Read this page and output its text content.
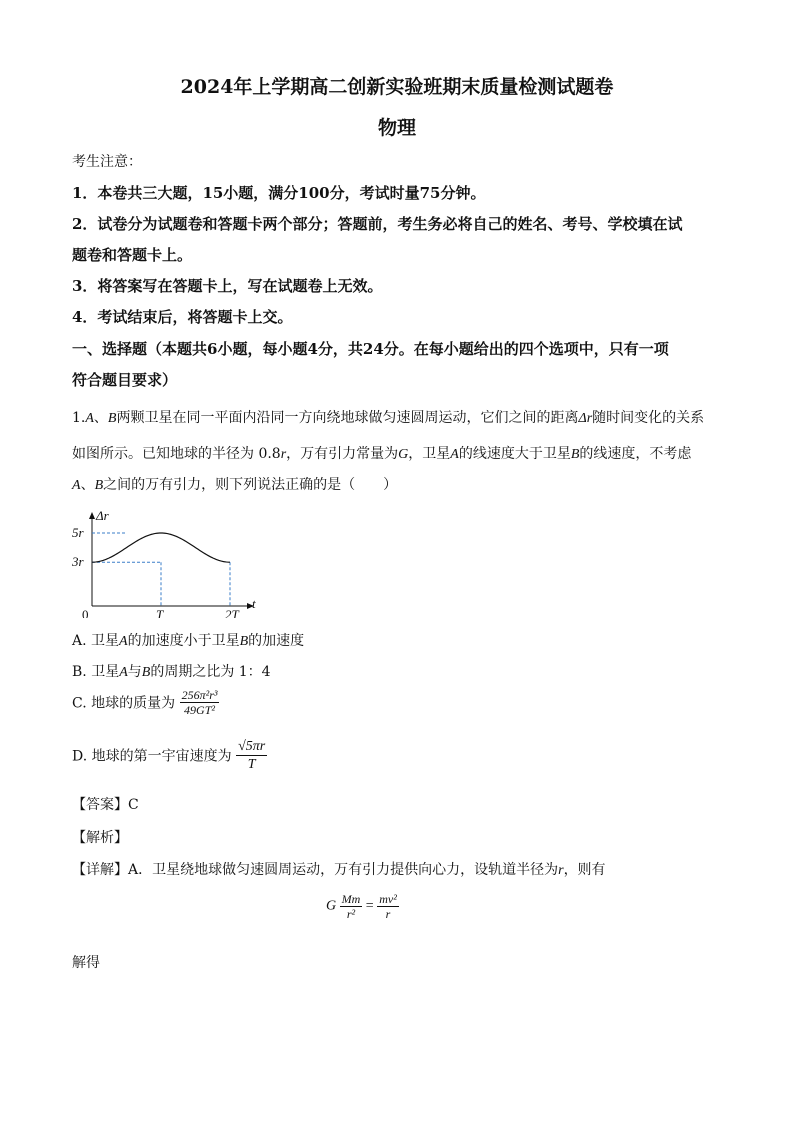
2024年上学期高二创新实验班期末质量检测试题卷
物理
考生注意：
1．本卷共三大题，15小题，满分100分，考试时量75分钟。
2．试卷分为试题卷和答题卡两个部分；答题前，考生务必将自己的姓名、考号、学校填在试
题卷和答题卡上。
3．将答案写在答题卡上，写在试题卷上无效。
4．考试结束后，将答题卡上交。
一、选择题（本题共6小题，每小题4分，共24分。在每小题给出的四个选项中，只有一项
符合题目要求）
1.A、B两颗卫星在同一平面内沿同一方向绕地球做匀速圆周运动，它们之间的距离Δr随时间变化的关系
如图所示。已知地球的半径为 0.8r，万有引力常量为G，卫星A的线速度大于卫星B的线速度，不考虑
A、B之间的万有引力，则下列说法正确的是（　　）
Δr
t
0	T	2T
3r
5r
A. 卫星A的加速度小于卫星B的加速度
B. 卫星A与B的周期之比为 1：4
C. 地球的质量为 $\frac{\text{256π²r³}}{\text{49GT²}}$
D. 地球的第一宇宙速度为 $\frac{√5\pi r}{T}$
【答案】C
【解析】
【详解】A．卫星绕地球做匀速圆周运动，万有引力提供向心力，设轨道半径为r，则有
G $\frac{Mm}{\text{r²}} = \frac{\text{mv²}}{r}$
解得
